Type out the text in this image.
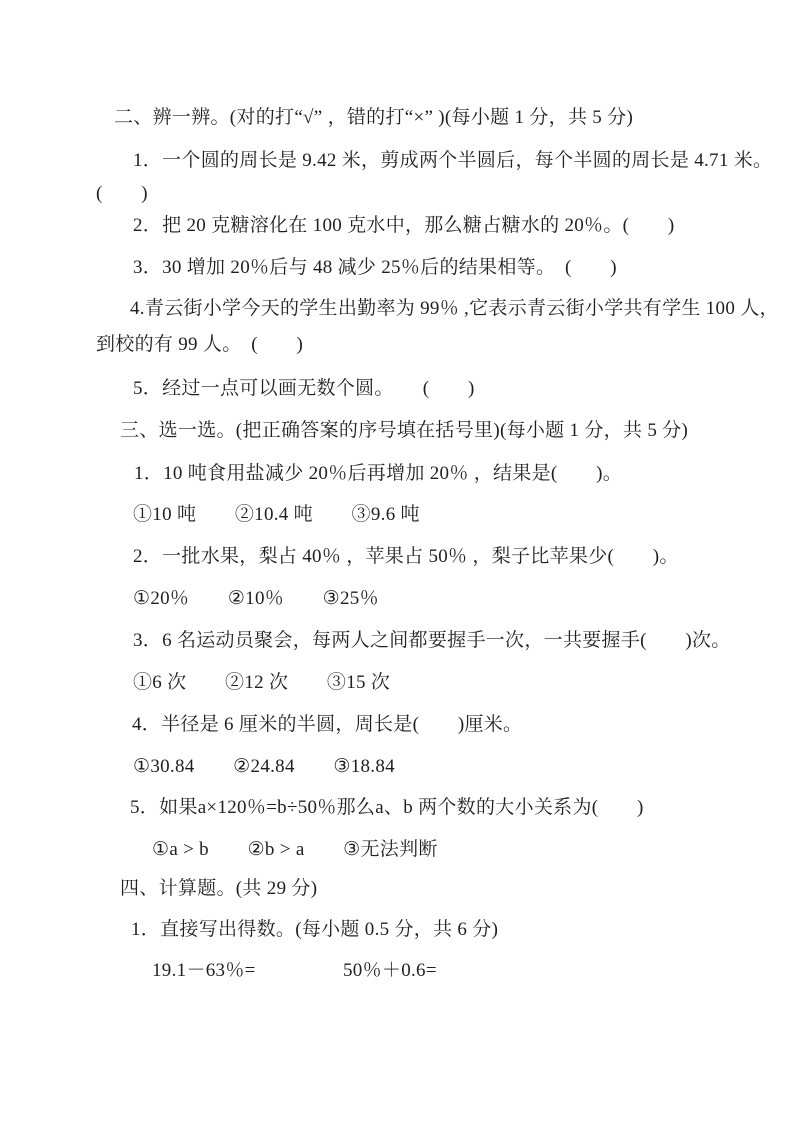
二、辨一辨。(对的打“√” ，错的打“×” )(每小题 1 分，共 5 分)
1．一个圆的周长是 9.42 米，剪成两个半圆后，每个半圆的周长是 4.71 米。
(　　)
2．把 20 克糖溶化在 100 克水中，那么糖占糖水的 20％。(　　)
3．30 增加 20％后与 48 减少 25％后的结果相等。　(　　)
4.青云街小学今天的学生出勤率为 99％ ,它表示青云街小学共有学生 100 人，
到校的有 99 人。　(　　)
5．经过一点可以画无数个圆。　　(　　)
三、选一选。(把正确答案的序号填在括号里)(每小题 1 分，共 5 分)
1．10 吨食用盐减少 20％后再增加 20％ ，结果是(　　)。
①10 吨　　②10.4 吨　　③9.6 吨
2．一批水果，梨占 40％ ，苹果占 50％ ，梨子比苹果少(　　)。
①20％　　②10％　　③25％
3．6 名运动员聚会，每两人之间都要握手一次，一共要握手(　　)次。
①6 次　　②12 次　　③15 次
4．半径是 6 厘米的半圆，周长是(　　)厘米。
①30.84　　②24.84　　③18.84
5．如果a×120％=b÷50％那么a、b 两个数的大小关系为(　　)
①a > b　　②b > a　　③无法判断
四、计算题。(共 29 分)
1．直接写出得数。(每小题 0.5 分，共 6 分)
19.1－63％=	50％＋0.6=
